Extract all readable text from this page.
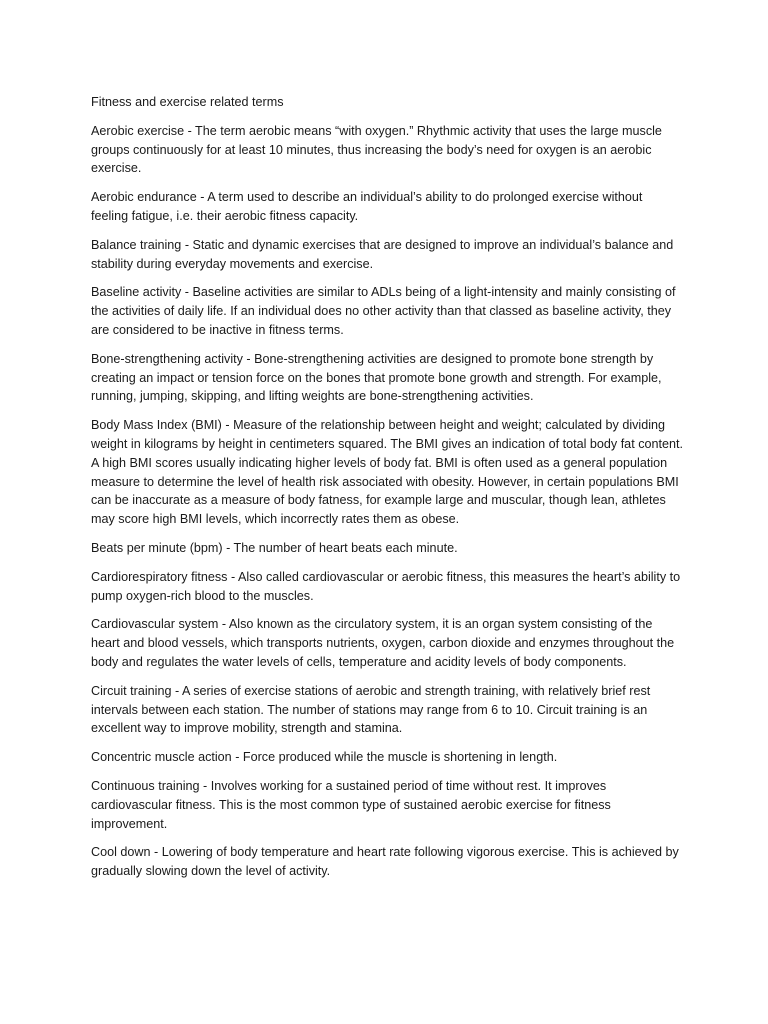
Fitness and exercise related terms

Aerobic exercise - The term aerobic means “with oxygen.” Rhythmic activity that uses the large muscle groups continuously for at least 10 minutes, thus increasing the body’s need for oxygen is an aerobic exercise.

Aerobic endurance - A term used to describe an individual’s ability to do prolonged exercise without feeling fatigue, i.e. their aerobic fitness capacity.

Balance training - Static and dynamic exercises that are designed to improve an individual’s balance and stability during everyday movements and exercise.

Baseline activity - Baseline activities are similar to ADLs being of a light-intensity and mainly consisting of the activities of daily life. If an individual does no other activity than that classed as baseline activity, they are considered to be inactive in fitness terms.

Bone-strengthening activity - Bone-strengthening activities are designed to promote bone strength by creating an impact or tension force on the bones that promote bone growth and strength. For example, running, jumping, skipping, and lifting weights are bone-strengthening activities.

Body Mass Index (BMI) - Measure of the relationship between height and weight; calculated by dividing weight in kilograms by height in centimeters squared. The BMI gives an indication of total body fat content. A high BMI scores usually indicating higher levels of body fat. BMI is often used as a general population measure to determine the level of health risk associated with obesity. However, in certain populations BMI can be inaccurate as a measure of body fatness, for example large and muscular, though lean, athletes may score high BMI levels, which incorrectly rates them as obese.

Beats per minute (bpm) - The number of heart beats each minute.

Cardiorespiratory fitness - Also called cardiovascular or aerobic fitness, this measures the heart’s ability to pump oxygen-rich blood to the muscles.

Cardiovascular system - Also known as the circulatory system, it is an organ system consisting of the heart and blood vessels, which transports nutrients, oxygen, carbon dioxide and enzymes throughout the body and regulates the water levels of cells, temperature and acidity levels of body components.

Circuit training - A series of exercise stations of aerobic and strength training, with relatively brief rest intervals between each station. The number of stations may range from 6 to 10. Circuit training is an excellent way to improve mobility, strength and stamina.

Concentric muscle action - Force produced while the muscle is shortening in length.

Continuous training - Involves working for a sustained period of time without rest. It improves cardiovascular fitness. This is the most common type of sustained aerobic exercise for fitness improvement.

Cool down - Lowering of body temperature and heart rate following vigorous exercise. This is achieved by gradually slowing down the level of activity.
